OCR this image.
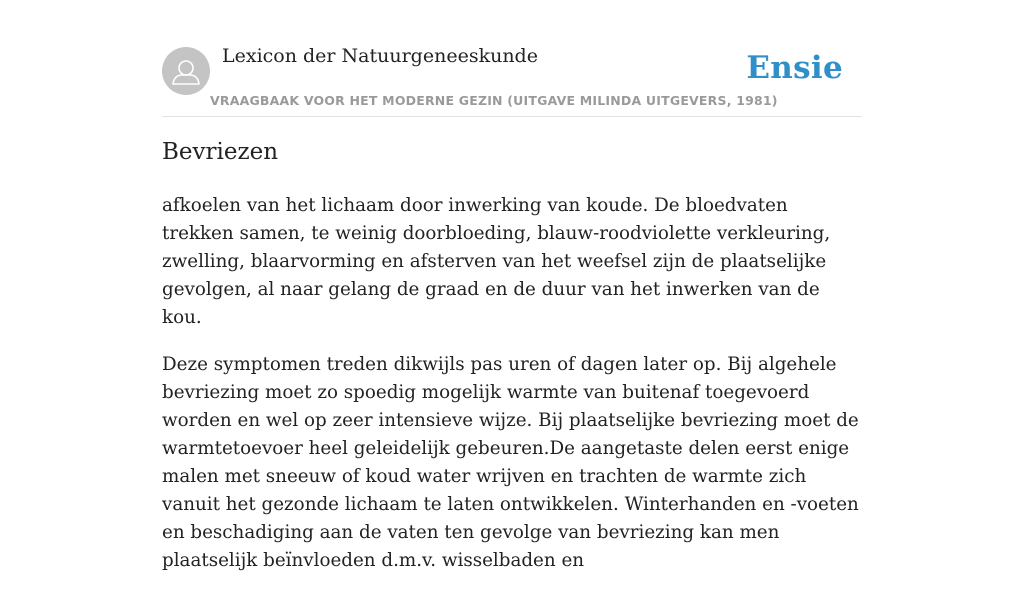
Lexicon der Natuurgeneeskunde
VRAAGBAAK VOOR HET MODERNE GEZIN (UITGAVE MILINDA UITGEVERS, 1981)
Ensie
Bevriezen

afkoelen van het lichaam door inwerking van koude. De bloedvaten trekken samen, te weinig doorbloeding, blauw-roodviolette verkleuring, zwelling, blaarvorming en afsterven van het weefsel zijn de plaatselijke gevolgen, al naar gelang de graad en de duur van het inwerken van de kou.

Deze symptomen treden dikwijls pas uren of dagen later op. Bij algehele bevriezing moet zo spoedig mogelijk warmte van buitenaf toegevoerd worden en wel op zeer intensieve wijze. Bij plaatselijke bevriezing moet de warmtetoevoer heel geleidelijk gebeuren.De aangetaste delen eerst enige malen met sneeuw of koud water wrijven en trachten de warmte zich vanuit het gezonde lichaam te laten ontwikkelen. Winterhanden en -voeten en beschadiging aan de vaten ten gevolge van bevriezing kan men plaatselijk beïnvloeden d.m.v. wisselbaden en
